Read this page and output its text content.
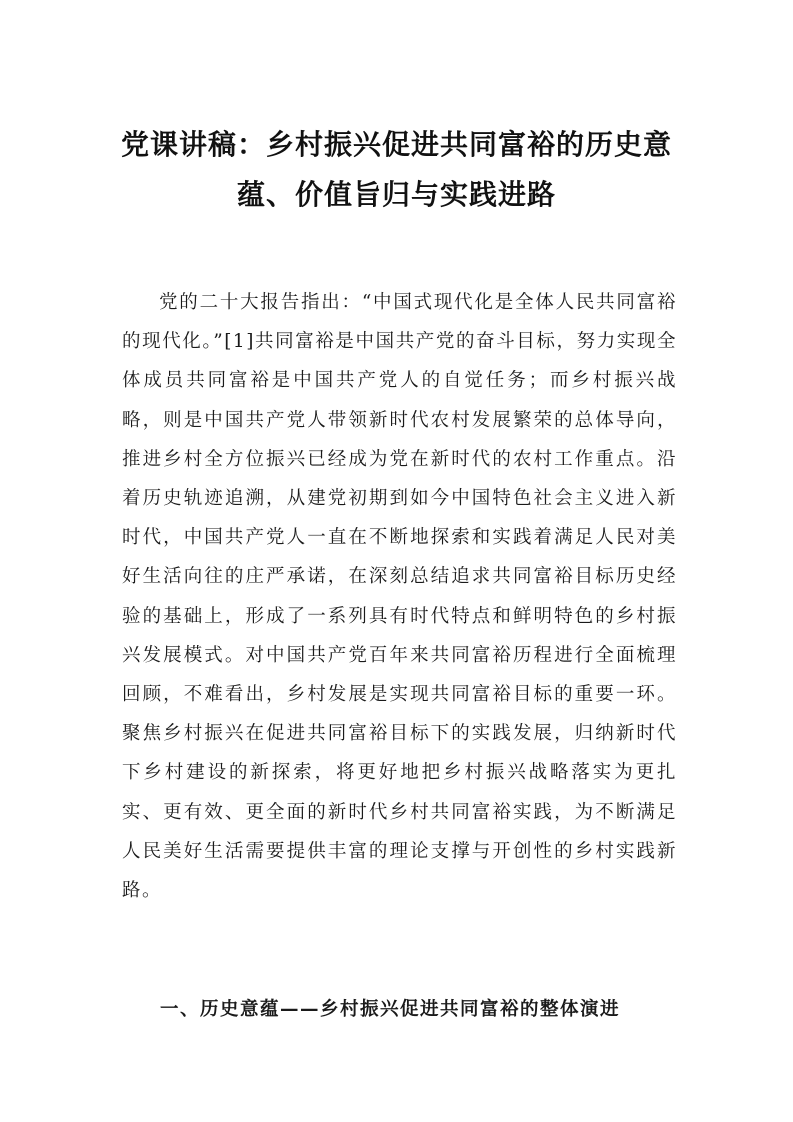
党课讲稿：乡村振兴促进共同富裕的历史意蕴、价值旨归与实践进路

党的二十大报告指出：“中国式现代化是全体人民共同富裕的现代化。”[1]共同富裕是中国共产党的奋斗目标，努力实现全体成员共同富裕是中国共产党人的自觉任务；而乡村振兴战略，则是中国共产党人带领新时代农村发展繁荣的总体导向，推进乡村全方位振兴已经成为党在新时代的农村工作重点。沿着历史轨迹追溯，从建党初期到如今中国特色社会主义进入新时代，中国共产党人一直在不断地探索和实践着满足人民对美好生活向往的庄严承诺，在深刻总结追求共同富裕目标历史经验的基础上，形成了一系列具有时代特点和鲜明特色的乡村振兴发展模式。对中国共产党百年来共同富裕历程进行全面梳理回顾，不难看出，乡村发展是实现共同富裕目标的重要一环。聚焦乡村振兴在促进共同富裕目标下的实践发展，归纳新时代下乡村建设的新探索，将更好地把乡村振兴战略落实为更扎实、更有效、更全面的新时代乡村共同富裕实践，为不断满足人民美好生活需要提供丰富的理论支撑与开创性的乡村实践新路。

一、历史意蕴——乡村振兴促进共同富裕的整体演进
